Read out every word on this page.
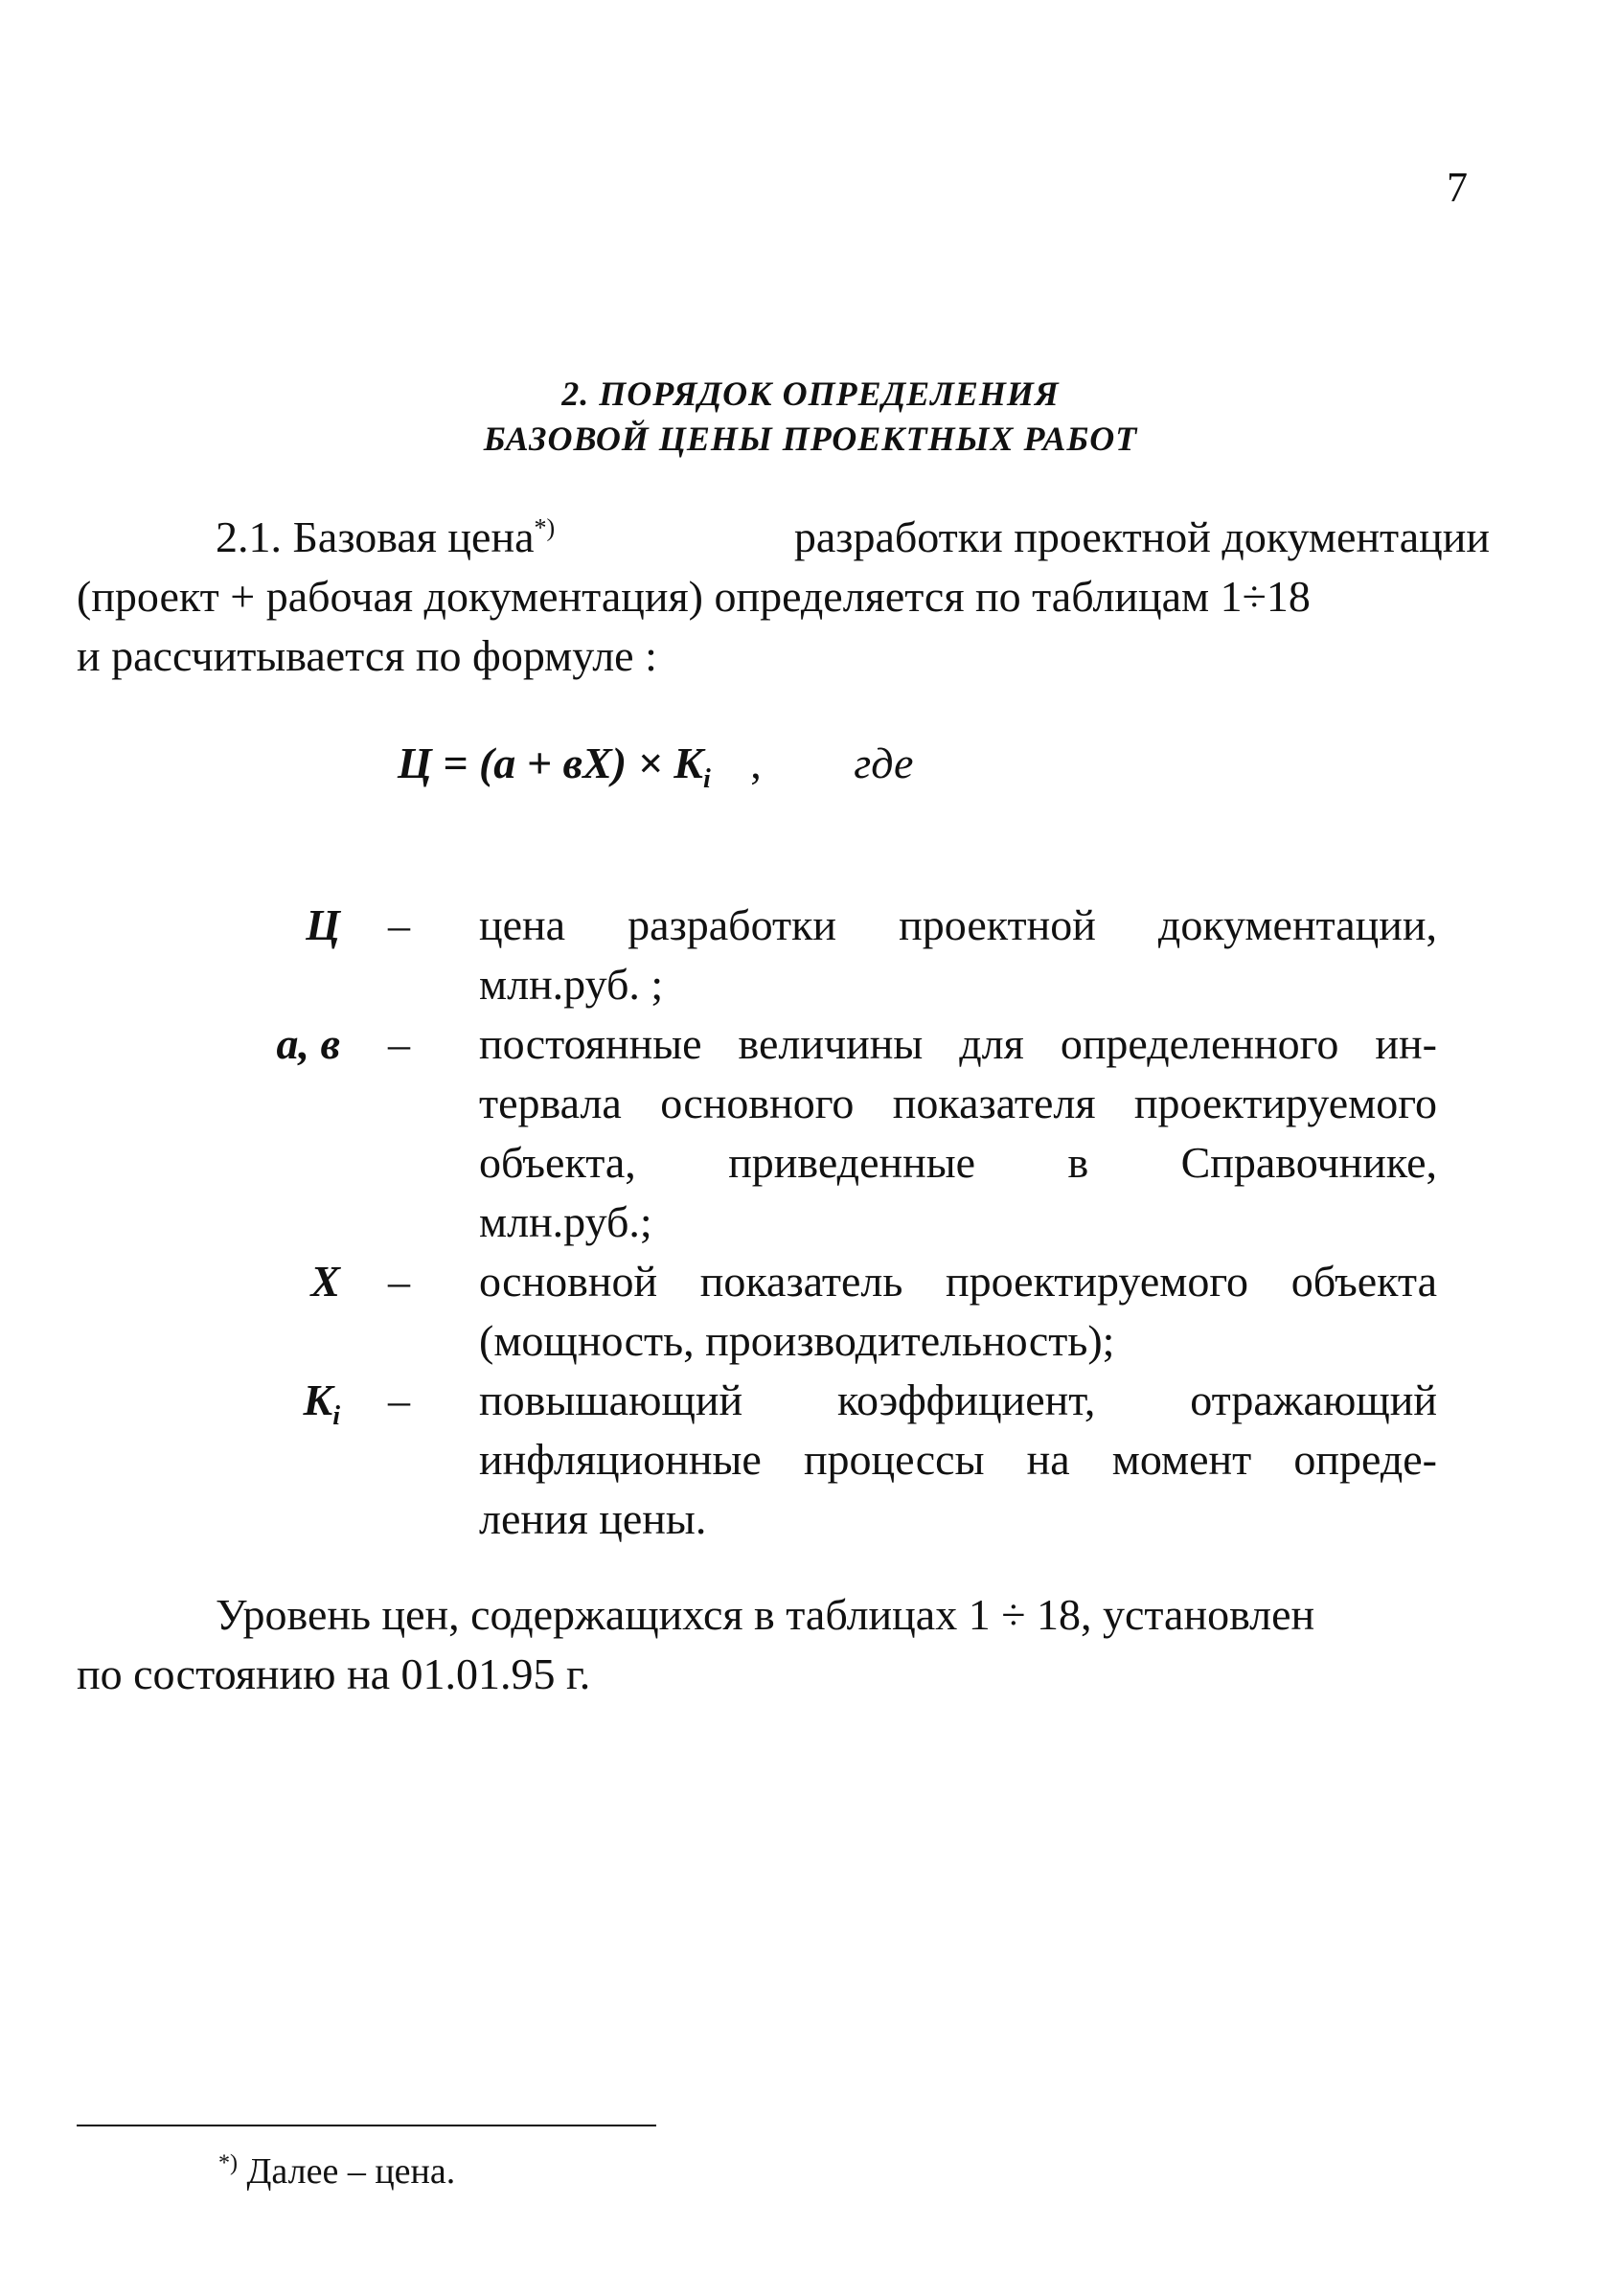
7
2. ПОРЯДОК ОПРЕДЕЛЕНИЯ
БАЗОВОЙ ЦЕНЫ ПРОЕКТНЫХ РАБОТ
2.1. Базовая цена*)	разработки проектной документации
(проект + рабочая документация) определяется по таблицам 1÷18
и рассчитывается по формуле :
$Ц = (а + вХ) \times K_i$ , где
Ц – цена разработки проектной документации,
млн.руб. ;
а, в – постоянные величины для определенного ин-
тервала основного показателя проектируемого
объекта, приведенные в Справочнике,
млн.руб.;
Х – основной показатель проектируемого объекта
(мощность, производительность);
$K_i$ – повышающий коэффициент, отражающий
инфляционные процессы на момент опреде-
ления цены.
Уровень цен, содержащихся в таблицах 1 ÷ 18, установлен
по состоянию на 01.01.95 г.
*) Далее – цена.
